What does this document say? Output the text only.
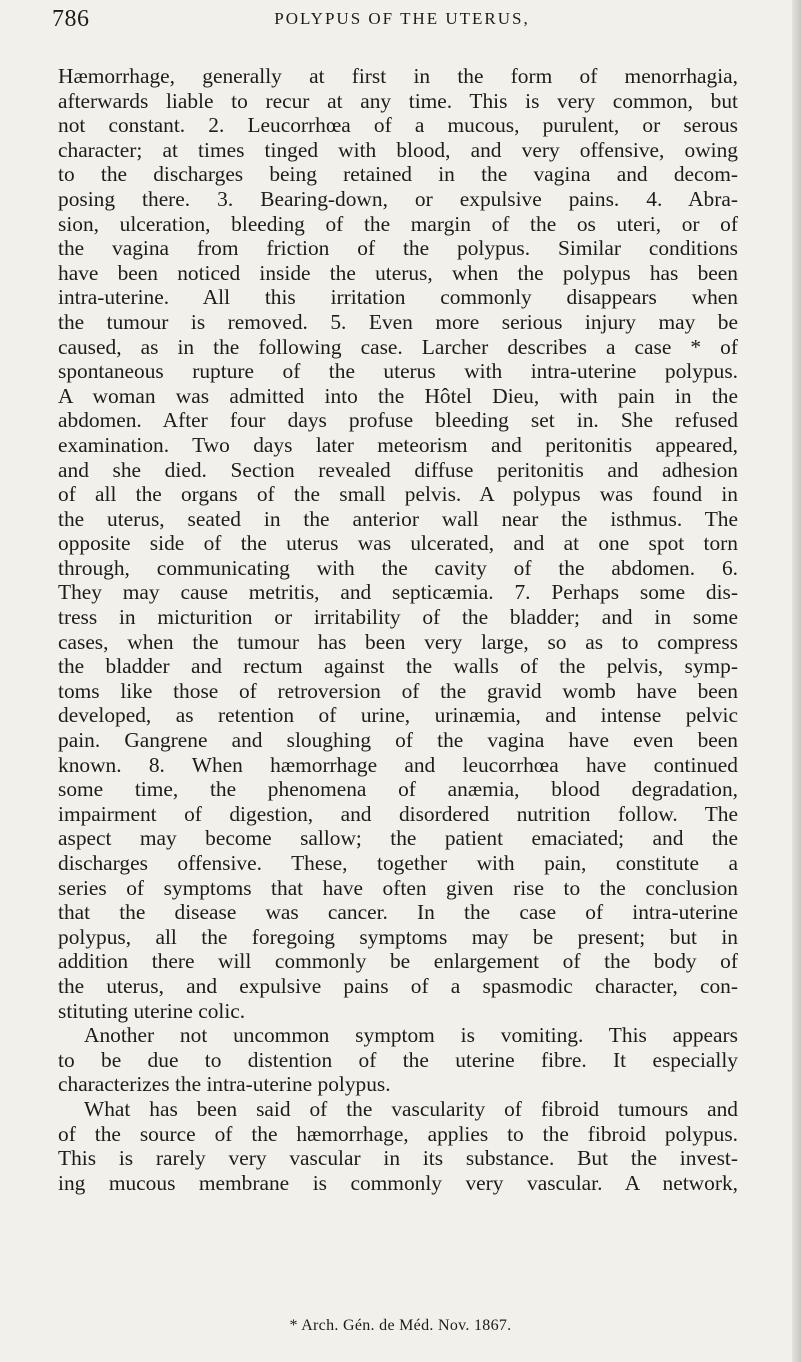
786	POLYPUS OF THE UTERUS,
Hæmorrhage, generally at first in the form of menorrhagia,
afterwards liable to recur at any time. This is very common, but
not constant. 2. Leucorrhœa of a mucous, purulent, or serous
character; at times tinged with blood, and very offensive, owing
to the discharges being retained in the vagina and decom-
posing there. 3. Bearing-down, or expulsive pains. 4. Abra-
sion, ulceration, bleeding of the margin of the os uteri, or of
the vagina from friction of the polypus. Similar conditions
have been noticed inside the uterus, when the polypus has been
intra-uterine. All this irritation commonly disappears when
the tumour is removed. 5. Even more serious injury may be
caused, as in the following case. Larcher describes a case * of
spontaneous rupture of the uterus with intra-uterine polypus.
A woman was admitted into the Hôtel Dieu, with pain in the
abdomen. After four days profuse bleeding set in. She refused
examination. Two days later meteorism and peritonitis appeared,
and she died. Section revealed diffuse peritonitis and adhesion
of all the organs of the small pelvis. A polypus was found in
the uterus, seated in the anterior wall near the isthmus. The
opposite side of the uterus was ulcerated, and at one spot torn
through, communicating with the cavity of the abdomen. 6.
They may cause metritis, and septicæmia. 7. Perhaps some dis-
tress in micturition or irritability of the bladder; and in some
cases, when the tumour has been very large, so as to compress
the bladder and rectum against the walls of the pelvis, symp-
toms like those of retroversion of the gravid womb have been
developed, as retention of urine, urinæmia, and intense pelvic
pain. Gangrene and sloughing of the vagina have even been
known. 8. When hæmorrhage and leucorrhœa have continued
some time, the phenomena of anæmia, blood degradation,
impairment of digestion, and disordered nutrition follow. The
aspect may become sallow; the patient emaciated; and the
discharges offensive. These, together with pain, constitute a
series of symptoms that have often given rise to the conclusion
that the disease was cancer. In the case of intra-uterine
polypus, all the foregoing symptoms may be present; but in
addition there will commonly be enlargement of the body of
the uterus, and expulsive pains of a spasmodic character, con-
stituting uterine colic.
Another not uncommon symptom is vomiting. This appears
to be due to distention of the uterine fibre. It especially
characterizes the intra-uterine polypus.
What has been said of the vascularity of fibroid tumours and
of the source of the hæmorrhage, applies to the fibroid polypus.
This is rarely very vascular in its substance. But the invest-
ing mucous membrane is commonly very vascular. A network,
* Arch. Gén. de Méd. Nov. 1867.
